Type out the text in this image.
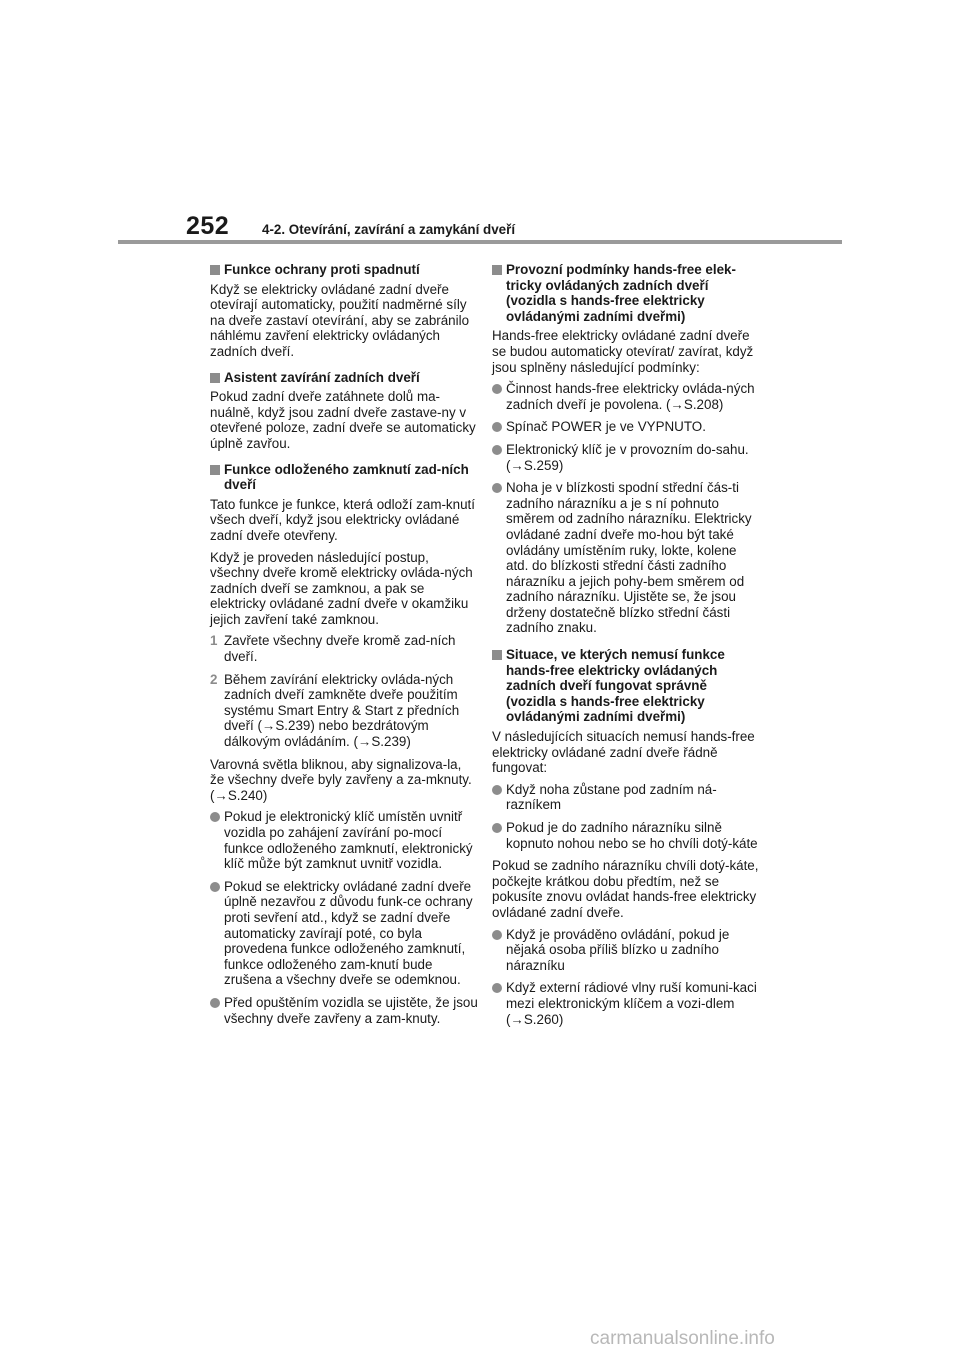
252	4-2. Otevírání, zavírání a zamykání dveří
Funkce ochrany proti spadnutí

Když se elektricky ovládané zadní dveře otevírají automaticky, použití nadměrné síly na dveře zastaví otevírání, aby se zabránilo náhlému zavření elektricky ovládaných zadních dveří.

Asistent zavírání zadních dveří

Pokud zadní dveře zatáhnete dolů ma-nuálně, když jsou zadní dveře zastave-ny v otevřené poloze, zadní dveře se automaticky úplně zavřou.

Funkce odloženého zamknutí zad-ních dveří

Tato funkce je funkce, která odloží zam-knutí všech dveří, když jsou elektricky ovládané zadní dveře otevřeny.

Když je proveden následující postup, všechny dveře kromě elektricky ovláda-ných zadních dveří se zamknou, a pak se elektricky ovládané zadní dveře v okamžiku jejich zavření také zamknou.

1 Zavřete všechny dveře kromě zad-ních dveří.
2 Během zavírání elektricky ovláda-ných zadních dveří zamkněte dveře použitím systému Smart Entry & Start z předních dveří (→S.239) nebo bezdrátovým dálkovým ovládáním. (→S.239)

Varovná světla bliknou, aby signalizova-la, že všechny dveře byly zavřeny a za-mknuty. (→S.240)

Pokud je elektronický klíč umístěn uvnitř vozidla po zahájení zavírání po-mocí funkce odloženého zamknutí, elektronický klíč může být zamknut uvnitř vozidla.
Pokud se elektricky ovládané zadní dveře úplně nezavřou z důvodu funk-ce ochrany proti sevření atd., když se zadní dveře automaticky zavírají poté, co byla provedena funkce odloženého zamknutí, funkce odloženého zam-knutí bude zrušena a všechny dveře se odemknou.
Před opuštěním vozidla se ujistěte, že jsou všechny dveře zavřeny a zam-knuty.
Provozní podmínky hands-free elek-tricky ovládaných zadních dveří (vozidla s hands-free elektricky ovládanými zadními dveřmi)

Hands-free elektricky ovládané zadní dveře se budou automaticky otevírat/ zavírat, když jsou splněny následující podmínky:

Činnost hands-free elektricky ovláda-ných zadních dveří je povolena. (→S.208)
Spínač POWER je ve VYPNUTO.
Elektronický klíč je v provozním do-sahu. (→S.259)
Noha je v blízkosti spodní střední čás-ti zadního nárazníku a je s ní pohnuto směrem od zadního nárazníku. Elektricky ovládané zadní dveře mo-hou být také ovládány umístěním ruky, lokte, kolene atd. do blízkosti střední části zadního nárazníku a jejich pohy-bem směrem od zadního nárazníku. Ujistěte se, že jsou drženy dostatečně blízko střední části zadního znaku.
Situace, ve kterých nemusí funkce hands-free elektricky ovládaných zadních dveří fungovat správně (vozidla s hands-free elektricky ovládanými zadními dveřmi)

V následujících situacích nemusí hands-free elektricky ovládané zadní dveře řádně fungovat:

Když noha zůstane pod zadním ná-razníkem
Pokud je do zadního nárazníku silně kopnuto nohou nebo se ho chvíli dotý-káte

Pokud se zadního nárazníku chvíli dotý-káte, počkejte krátkou dobu předtím, než se pokusíte znovu ovládat hands-free elektricky ovládané zadní dveře.

Když je prováděno ovládání, pokud je nějaká osoba příliš blízko u zadního nárazníku
Když externí rádiové vlny ruší komuni-kaci mezi elektronickým klíčem a vozi-dlem (→S.260)
carmanualsonline.info
